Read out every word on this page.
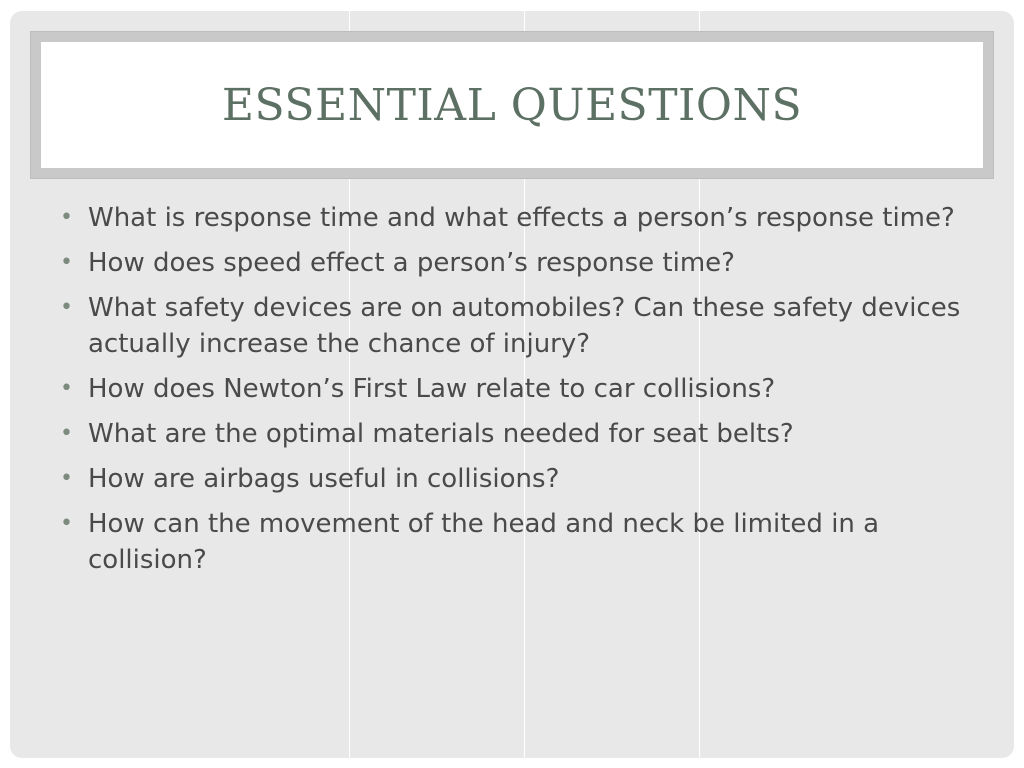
ESSENTIAL QUESTIONS
• What is response time and what effects a person’s response time?
• How does speed effect a person’s response time?
• What safety devices are on automobiles? Can these safety devices actually increase the chance of injury?
• How does Newton’s First Law relate to car collisions?
• What are the optimal materials needed for seat belts?
• How are airbags useful in collisions?
• How can the movement of the head and neck be limited in a collision?
